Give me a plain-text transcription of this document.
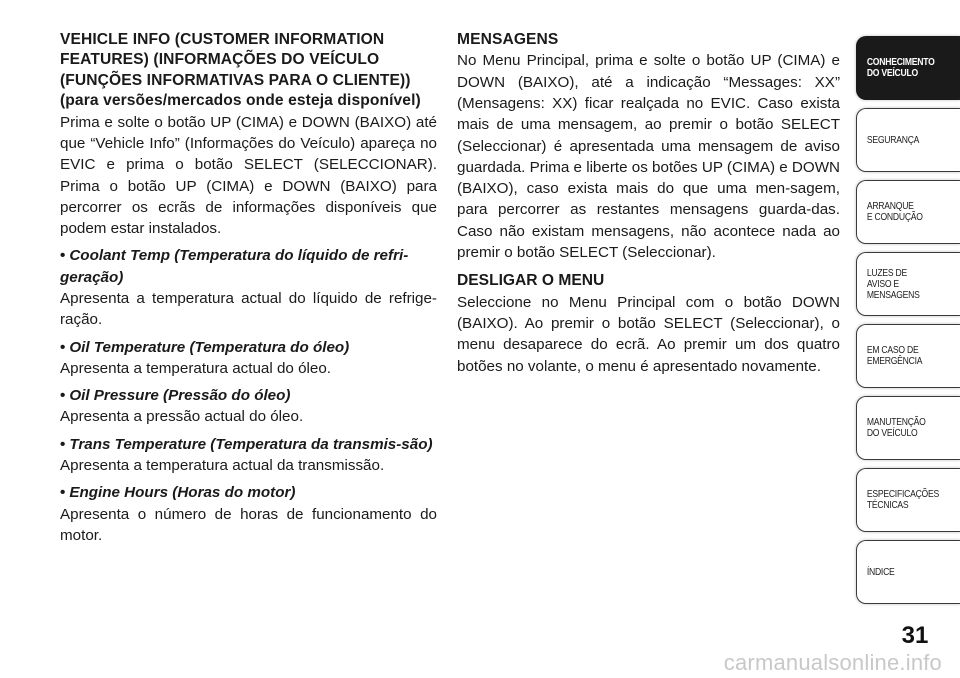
VEHICLE INFO (CUSTOMER INFORMATION FEATURES) (INFORMAÇÕES DO VEÍCULO (FUNÇÕES INFORMATIVAS PARA O CLIENTE)) (para versões/mercados onde esteja disponível)

Prima e solte o botão UP (CIMA) e DOWN (BAIXO) até que “Vehicle Info” (Informações do Veículo) apareça no EVIC e prima o botão SELECT (SELECCIONAR). Prima o botão UP (CIMA) e DOWN (BAIXO) para percorrer os ecrãs de informações disponíveis que podem estar instalados.

• Coolant Temp (Temperatura do líquido de refri-geração)

Apresenta a temperatura actual do líquido de refrige-ração.

• Oil Temperature (Temperatura do óleo)

Apresenta a temperatura actual do óleo.

• Oil Pressure (Pressão do óleo)

Apresenta a pressão actual do óleo.

• Trans Temperature (Temperatura da transmis-são)

Apresenta a temperatura actual da transmissão.

• Engine Hours (Horas do motor)

Apresenta o número de horas de funcionamento do motor.

MENSAGENS

No Menu Principal, prima e solte o botão UP (CIMA) e DOWN (BAIXO), até a indicação “Messages: XX” (Mensagens: XX) ficar realçada no EVIC. Caso exista mais de uma mensagem, ao premir o botão SELECT (Seleccionar) é apresentada uma mensagem de aviso guardada. Prima e liberte os botões UP (CIMA) e DOWN (BAIXO), caso exista mais do que uma men-sagem, para percorrer as restantes mensagens guarda-das. Caso não existam mensagens, não acontece nada ao premir o botão SELECT (Seleccionar).

DESLIGAR O MENU

Seleccione no Menu Principal com o botão DOWN (BAIXO). Ao premir o botão SELECT (Seleccionar), o menu desaparece do ecrã. Ao premir um dos quatro botões no volante, o menu é apresentado novamente.

CONHECIMENTO
DO VEÍCULO
SEGURANÇA
ARRANQUE
E CONDUÇÃO
LUZES DE
AVISO E
MENSAGENS
EM CASO DE
EMERGÊNCIA
MANUTENÇÃO
DO VEÍCULO
ESPECIFICAÇÕES
TÉCNICAS
ÍNDICE
31
carmanualsonline.info
